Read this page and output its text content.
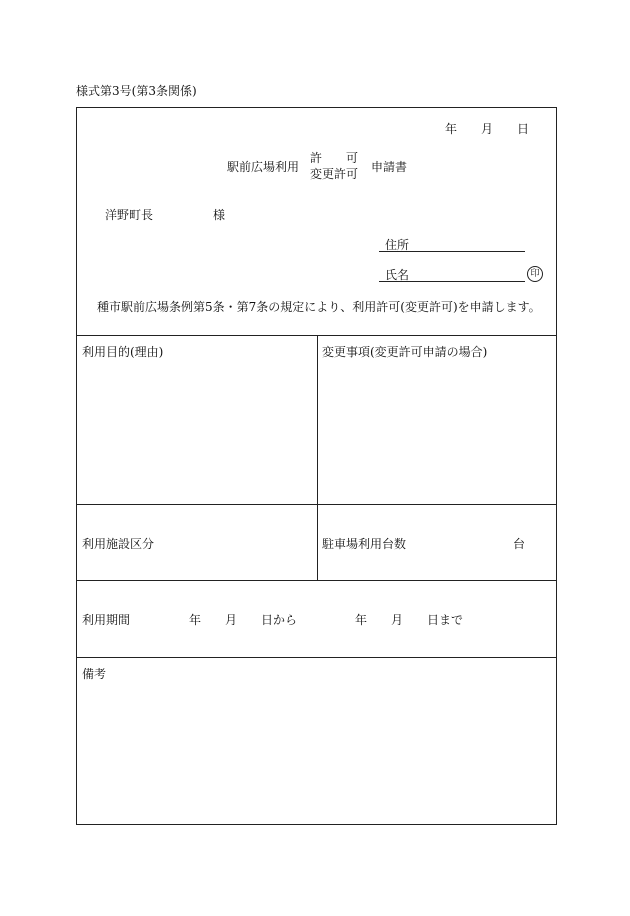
様式第3号(第3条関係)
年 月 日
駅前広場利用
許　　可
変更許可 申請書
洋野町長	様
住所
氏名	印
種市駅前広場条例第5条・第7条の規定により、利用許可(変更許可)を申請します。
利用目的(理由)	変更事項(変更許可申請の場合)
利用施設区分	駐車場利用台数	台
利用期間	年 月 日から	年 月 日まで
備考
